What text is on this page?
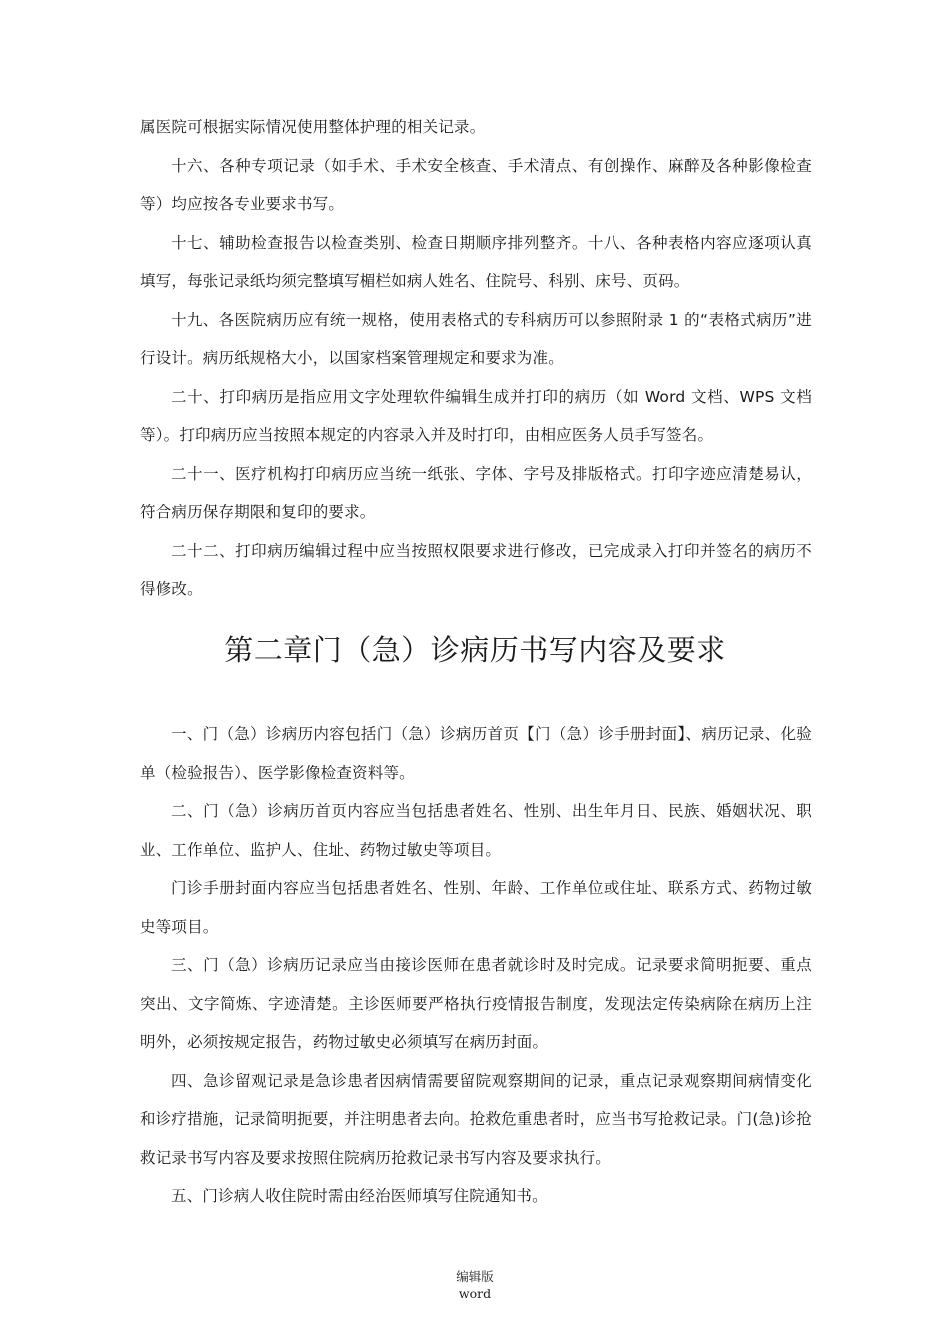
属医院可根据实际情况使用整体护理的相关记录。

十六、各种专项记录（如手术、手术安全核查、手术清点、有创操作、麻醉及各种影像检查等）均应按各专业要求书写。

十七、辅助检查报告以检查类别、检查日期顺序排列整齐。十八、各种表格内容应逐项认真填写，每张记录纸均须完整填写楣栏如病人姓名、住院号、科别、床号、页码。

十九、各医院病历应有统一规格，使用表格式的专科病历可以参照附录 1 的“表格式病历”进行设计。病历纸规格大小，以国家档案管理规定和要求为准。

二十、打印病历是指应用文字处理软件编辑生成并打印的病历（如 Word 文档、WPS 文档等）。打印病历应当按照本规定的内容录入并及时打印，由相应医务人员手写签名。

二十一、医疗机构打印病历应当统一纸张、字体、字号及排版格式。打印字迹应清楚易认，符合病历保存期限和复印的要求。

二十二、打印病历编辑过程中应当按照权限要求进行修改，已完成录入打印并签名的病历不得修改。

第二章门（急）诊病历书写内容及要求

一、门（急）诊病历内容包括门（急）诊病历首页【门（急）诊手册封面】、病历记录、化验单（检验报告）、医学影像检查资料等。

二、门（急）诊病历首页内容应当包括患者姓名、性别、出生年月日、民族、婚姻状况、职业、工作单位、监护人、住址、药物过敏史等项目。

门诊手册封面内容应当包括患者姓名、性别、年龄、工作单位或住址、联系方式、药物过敏史等项目。

三、门（急）诊病历记录应当由接诊医师在患者就诊时及时完成。记录要求简明扼要、重点突出、文字简炼、字迹清楚。主诊医师要严格执行疫情报告制度，发现法定传染病除在病历上注明外，必须按规定报告，药物过敏史必须填写在病历封面。

四、急诊留观记录是急诊患者因病情需要留院观察期间的记录，重点记录观察期间病情变化和诊疗措施，记录简明扼要，并注明患者去向。抢救危重患者时，应当书写抢救记录。门(急)诊抢救记录书写内容及要求按照住院病历抢救记录书写内容及要求执行。

五、门诊病人收住院时需由经治医师填写住院通知书。

编辑版
word
